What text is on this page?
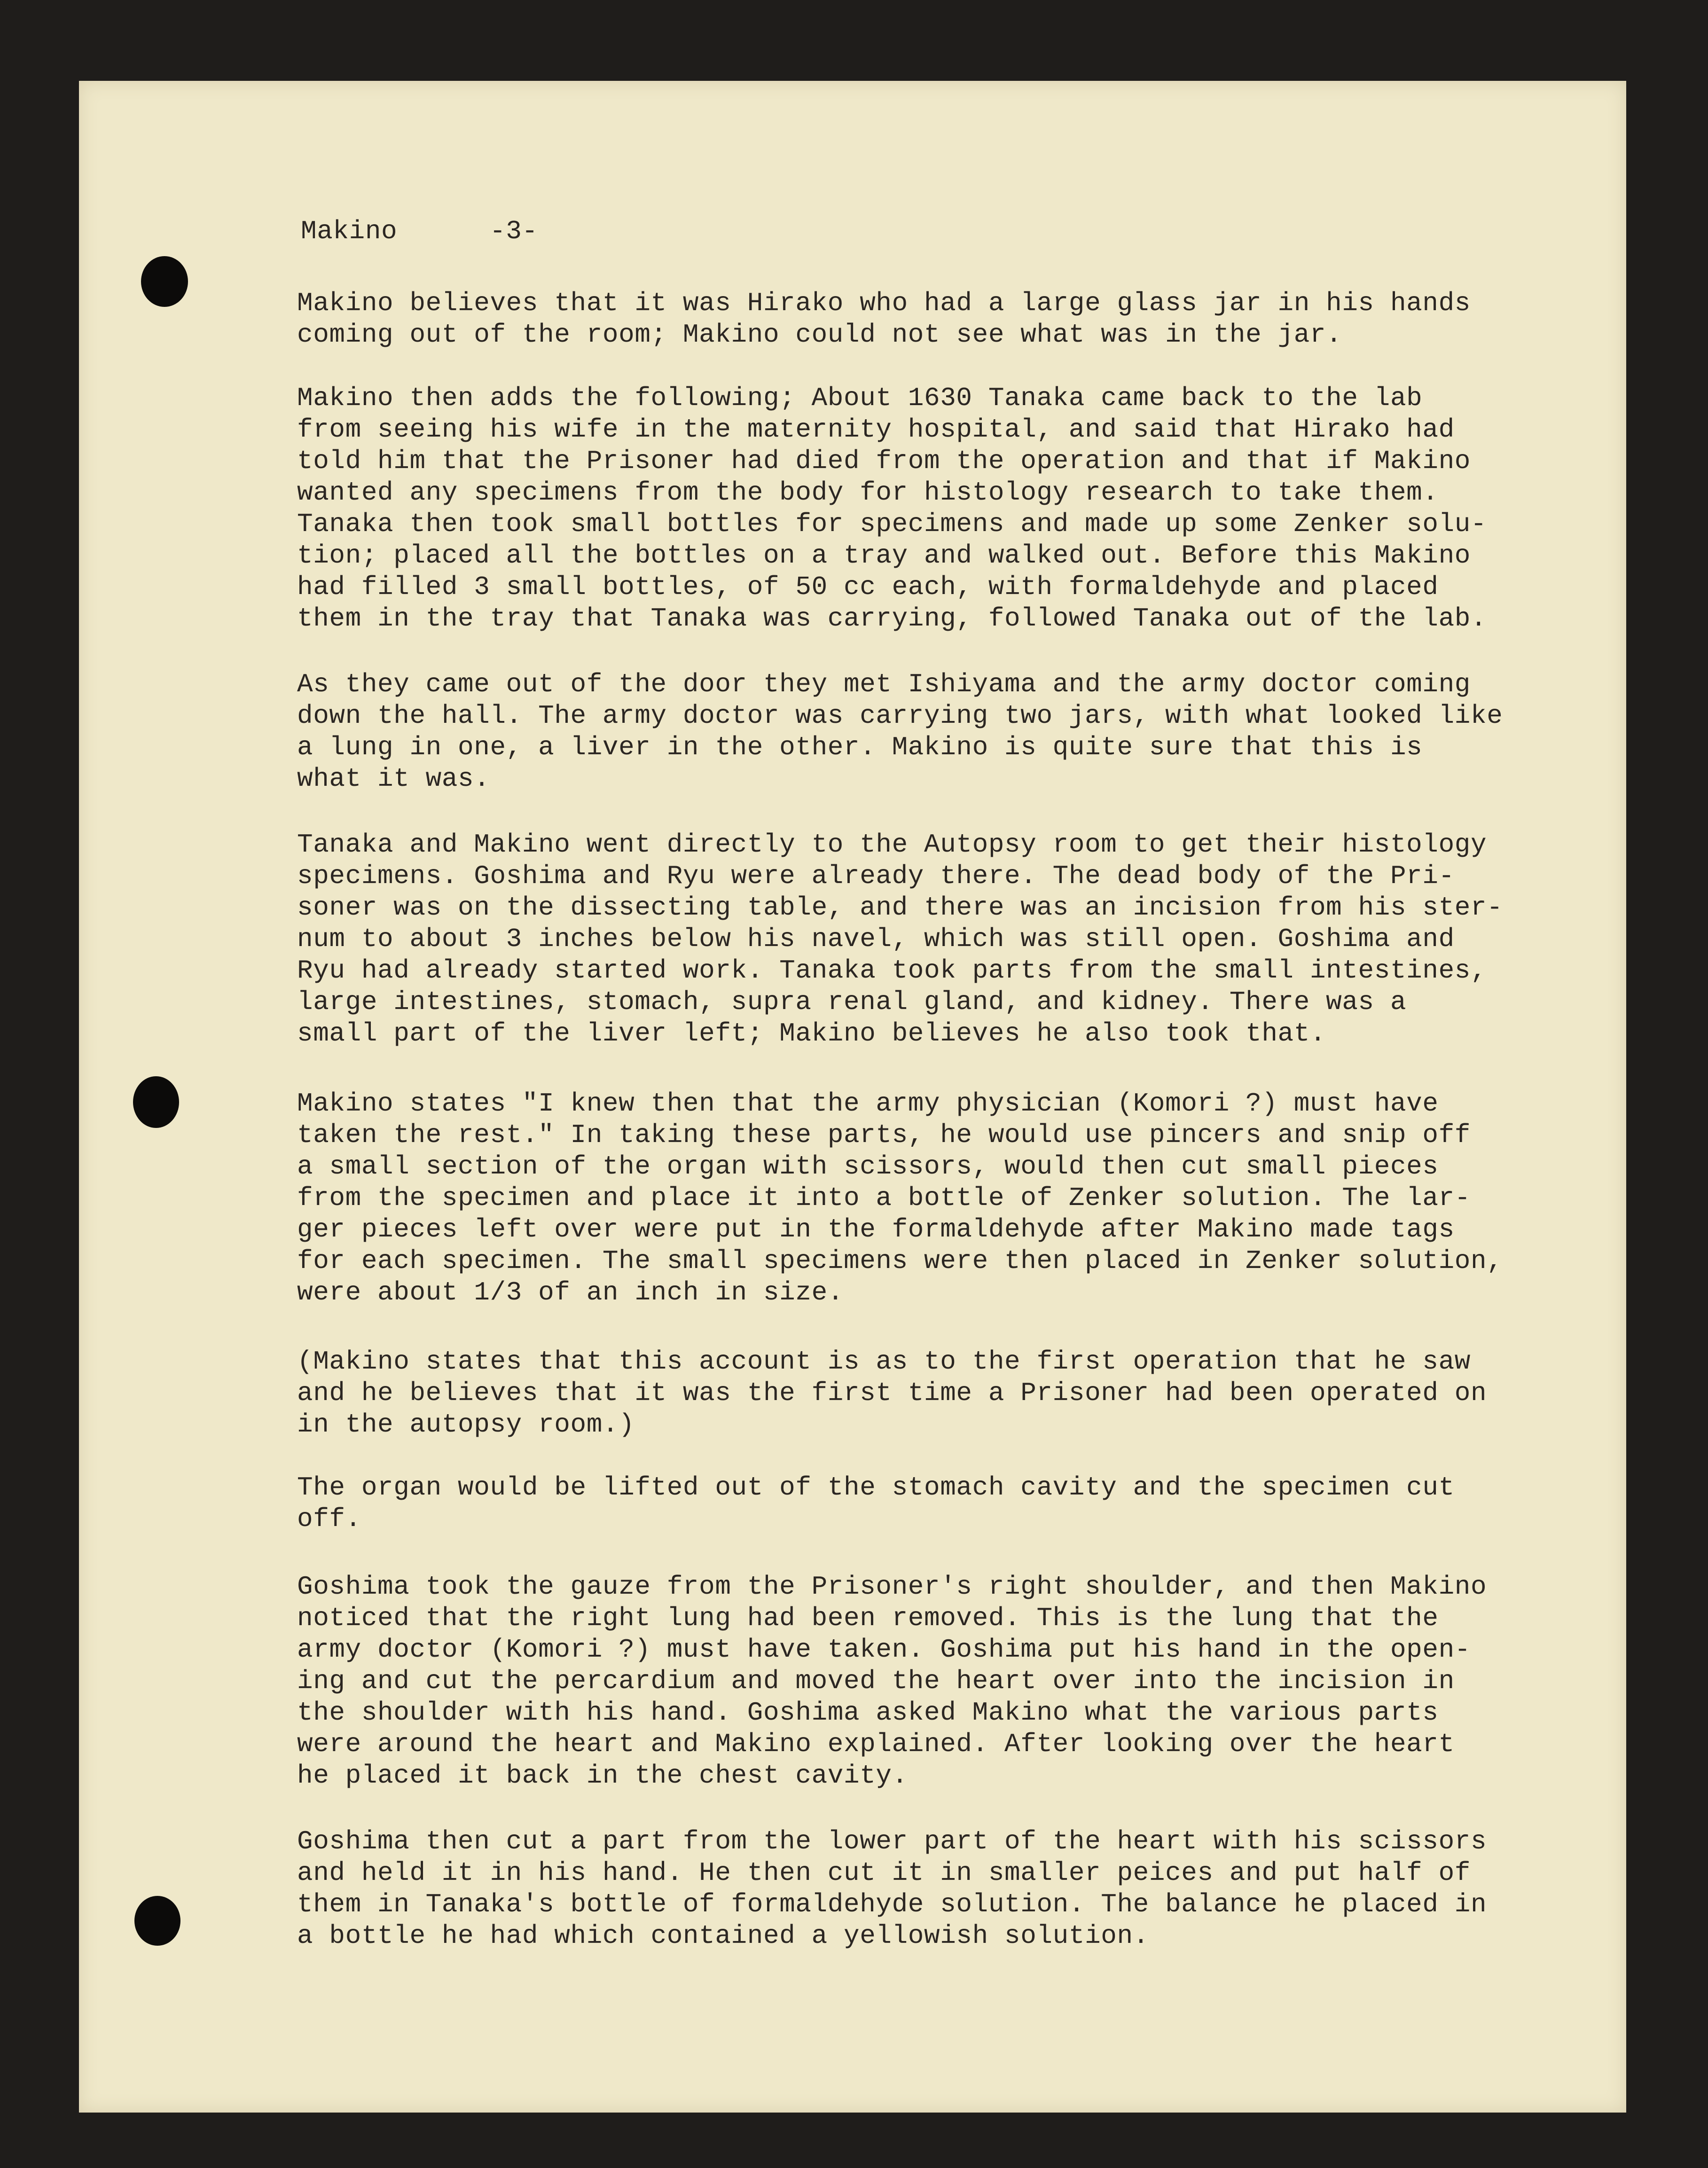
Makino	-3-

Makino believes that it was Hirako who had a large glass jar in his hands
coming out of the room; Makino could not see what was in the jar.

Makino then adds the following; About 1630 Tanaka came back to the lab
from seeing his wife in the maternity hospital, and said that Hirako had
told him that the Prisoner had died from the operation and that if Makino
wanted any specimens from the body for histology research to take them.
Tanaka then took small bottles for specimens and made up some Zenker solu-
tion; placed all the bottles on a tray and walked out. Before this Makino
had filled 3 small bottles, of 50 cc each, with formaldehyde and placed
them in the tray that Tanaka was carrying, followed Tanaka out of the lab.

As they came out of the door they met Ishiyama and the army doctor coming
down the hall. The army doctor was carrying two jars, with what looked like
a lung in one, a liver in the other. Makino is quite sure that this is
what it was.

Tanaka and Makino went directly to the Autopsy room to get their histology
specimens. Goshima and Ryu were already there. The dead body of the Pri-
soner was on the dissecting table, and there was an incision from his ster-
num to about 3 inches below his navel, which was still open. Goshima and
Ryu had already started work. Tanaka took parts from the small intestines,
large intestines, stomach, supra renal gland, and kidney. There was a
small part of the liver left; Makino believes he also took that.

Makino states "I knew then that the army physician (Komori ?) must have
taken the rest." In taking these parts, he would use pincers and snip off
a small section of the organ with scissors, would then cut small pieces
from the specimen and place it into a bottle of Zenker solution. The lar-
ger pieces left over were put in the formaldehyde after Makino made tags
for each specimen. The small specimens were then placed in Zenker solution,
were about 1/3 of an inch in size.

(Makino states that this account is as to the first operation that he saw
and he believes that it was the first time a Prisoner had been operated on
in the autopsy room.)

The organ would be lifted out of the stomach cavity and the specimen cut
off.

Goshima took the gauze from the Prisoner's right shoulder, and then Makino
noticed that the right lung had been removed. This is the lung that the
army doctor (Komori ?) must have taken. Goshima put his hand in the open-
ing and cut the percardium and moved the heart over into the incision in
the shoulder with his hand. Goshima asked Makino what the various parts
were around the heart and Makino explained. After looking over the heart
he placed it back in the chest cavity.

Goshima then cut a part from the lower part of the heart with his scissors
and held it in his hand. He then cut it in smaller peices and put half of
them in Tanaka's bottle of formaldehyde solution. The balance he placed in
a bottle he had which contained a yellowish solution.
